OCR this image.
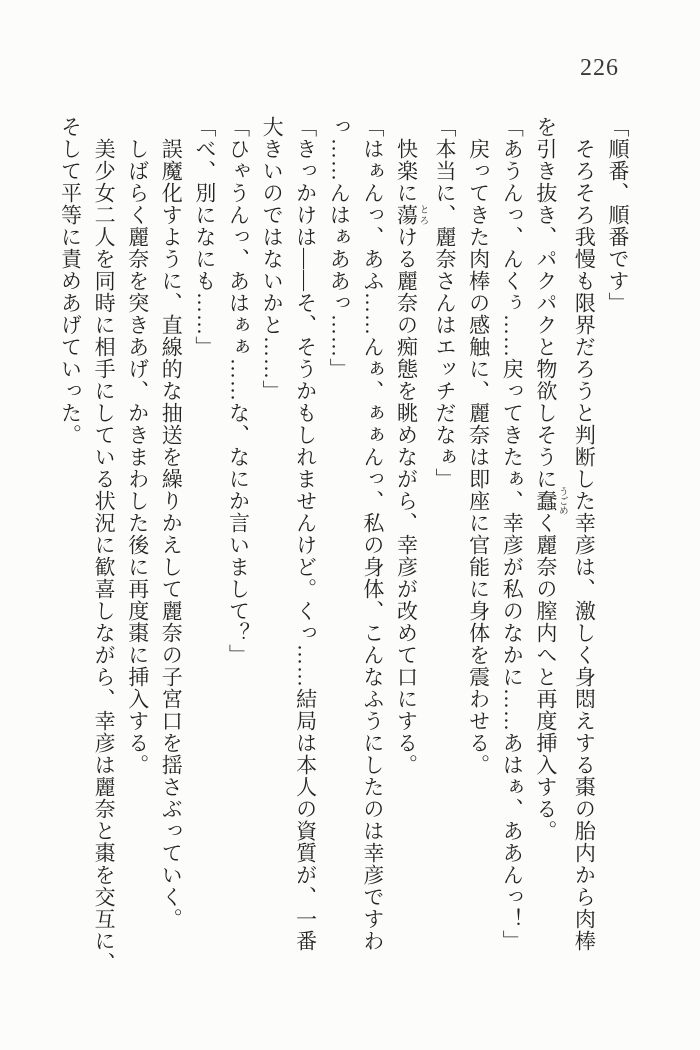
226

「順番、順番です」

　そろそろ我慢も限界だろうと判断した幸彦は、激しく身悶えする棗の胎内から肉棒

を引き抜き、パクパクと物欲しそうに蠢 うごめく麗奈の膣内へと再度挿入する。

「あうんっ、んくぅ……戻ってきたぁ、幸彦が私のなかに……あはぁ、ああんっ！」

　戻ってきた肉棒の感触に、麗奈は即座に官能に身体を震わせる。

「本当に、麗奈さんはエッチだなぁ」

　快楽に蕩 とろける麗奈の痴態を眺めながら、幸彦が改めて口にする。

「はぁんっ、あふ……んぁ、ぁぁんっ、私の身体、こんなふうにしたのは幸彦ですわ

っ……んはぁああっ……」

「きっかけは――そ、そうかもしれませんけど。くっ……結局は本人の資質が、一番

大きいのではないかと……」

「ひゃうんっ、あはぁぁ……な、なにか言いまして？」

「べ、別になにも……」

　誤魔化すように、直線的な抽送を繰りかえして麗奈の子宮口を揺さぶっていく。

　しばらく麗奈を突きあげ、かきまわした後に再度棗に挿入する。

　美少女二人を同時に相手にしている状況に歓喜しながら、幸彦は麗奈と棗を交互に、

そして平等に責めあげていった。
